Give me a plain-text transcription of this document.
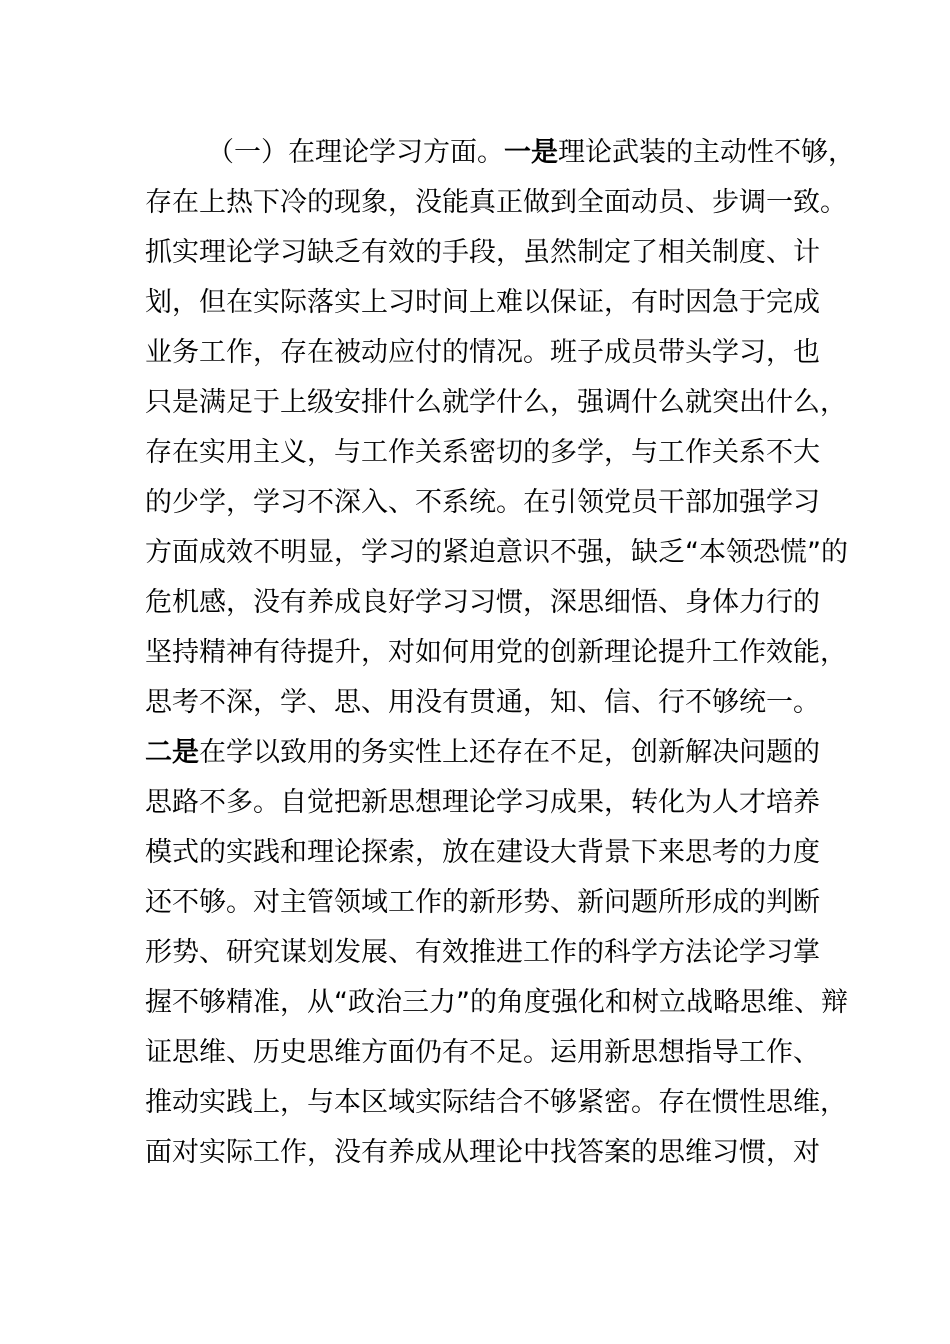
（一）在理论学习方面。一是理论武装的主动性不够，
存在上热下冷的现象，没能真正做到全面动员、步调一致。
抓实理论学习缺乏有效的手段，虽然制定了相关制度、计
划，但在实际落实上习时间上难以保证，有时因急于完成
业务工作，存在被动应付的情况。班子成员带头学习，也
只是满足于上级安排什么就学什么，强调什么就突出什么，
存在实用主义，与工作关系密切的多学，与工作关系不大
的少学，学习不深入、不系统。在引领党员干部加强学习
方面成效不明显，学习的紧迫意识不强，缺乏“本领恐慌”的
危机感，没有养成良好学习习惯，深思细悟、身体力行的
坚持精神有待提升，对如何用党的创新理论提升工作效能，
思考不深，学、思、用没有贯通，知、信、行不够统一。
二是在学以致用的务实性上还存在不足，创新解决问题的
思路不多。自觉把新思想理论学习成果，转化为人才培养
模式的实践和理论探索，放在建设大背景下来思考的力度
还不够。对主管领域工作的新形势、新问题所形成的判断
形势、研究谋划发展、有效推进工作的科学方法论学习掌
握不够精准，从“政治三力”的角度强化和树立战略思维、辩
证思维、历史思维方面仍有不足。运用新思想指导工作、
推动实践上，与本区域实际结合不够紧密。存在惯性思维，
面对实际工作，没有养成从理论中找答案的思维习惯，对
